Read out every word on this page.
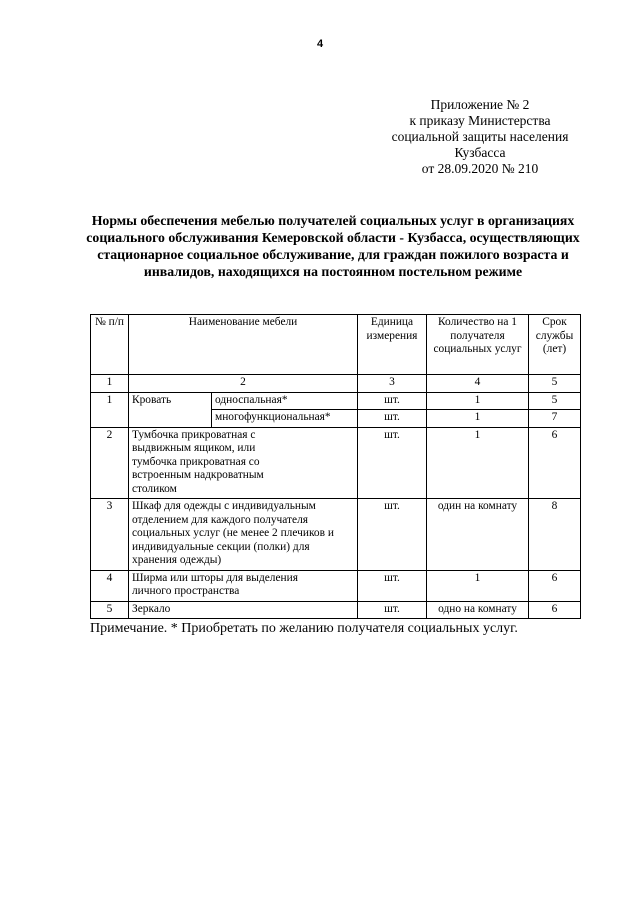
4
Приложение № 2
к приказу Министерства
социальной защиты населения
Кузбасса
от 28.09.2020 № 210
Нормы обеспечения мебелью получателей социальных услуг в организациях социального обслуживания Кемеровской области - Кузбасса, осуществляющих стационарное социальное обслуживание, для граждан пожилого возраста и инвалидов, находящихся на постоянном постельном режиме
№ п/п	Наименование мебели		Единица измерения	Количество на 1 получателя социальных услуг	Срок службы (лет)
1	2		3	4	5
1	Кровать	односпальная*	шт.	1	5
		многофункциональная*	шт.	1	7
2	Тумбочка прикроватная с выдвижным ящиком, или тумбочка прикроватная со встроенным надкроватным столиком		шт.	1	6
3	Шкаф для одежды с индивидуальным отделением для каждого получателя социальных услуг (не менее 2 плечиков и индивидуальные секции (полки) для хранения одежды)		шт.	один на комнату	8
4	Ширма или шторы для выделения личного пространства		шт.	1	6
5	Зеркало		шт.	одно на комнату	6
Примечание. * Приобретать по желанию получателя социальных услуг.
